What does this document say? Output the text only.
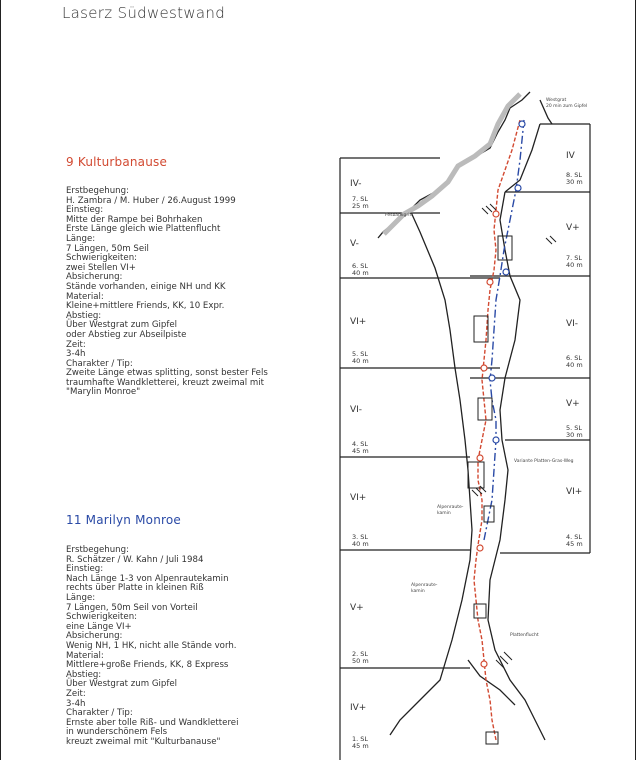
Laserz Südwestwand
9 Kulturbanause
Erstbegehung:
H. Zambra / M. Huber / 26.August 1999
Einstieg:
Mitte der Rampe bei Bohrhaken
Erste Länge gleich wie Plattenflucht
Länge:
7 Längen, 50m Seil
Schwierigkeiten:
zwei Stellen VI+
Absicherung:
Stände vorhanden, einige NH und KK
Material:
Kleine+mittlere Friends, KK, 10 Expr.
Abstieg:
Über Westgrat zum Gipfel
oder Abstieg zur Abseilpiste
Zeit:
3-4h
Charakter / Tip:
Zweite Länge etwas splitting, sonst bester Fels
traumhafte Wandkletterei, kreuzt zweimal mit
"Marylin Monroe"
11 Marilyn Monroe
Erstbegehung:
R. Schätzer / W. Kahn / Juli 1984
Einstieg:
Nach Länge 1-3 von Alpenrautekamin
rechts über Platte in kleinen Riß
Länge:
7 Längen, 50m Seil von Vorteil
Schwierigkeiten:
eine Länge VI+
Absicherung:
Wenig NH, 1 HK, nicht alle Stände vorh.
Material:
Mittlere+große Friends, KK, 8 Express
Abstieg:
Über Westgrat zum Gipfel
Zeit:
3-4h
Charakter / Tip:
Ernste aber tolle Riß- und Wandkletterei
in wunderschönem Fels
kreuzt zweimal mit "Kulturbanause"
IV-
7. SL
25 m
V-
6. SL
40 m
VI+
5. SL
40 m
VI-
4. SL
45 m
VI+
3. SL
40 m
V+
2. SL
50 m
IV+
1. SL
45 m
IV
8. SL
30 m
V+
7. SL
40 m
VI-
6. SL
40 m
V+
5. SL
30 m
VI+
4. SL
45 m
Westgrat
20 min zum Gipfel
Fesbankgriff
Variante Platten-Gras-Weg
Alpenraute-
kamin
Alpenraute-
kamin
Plattenflucht
